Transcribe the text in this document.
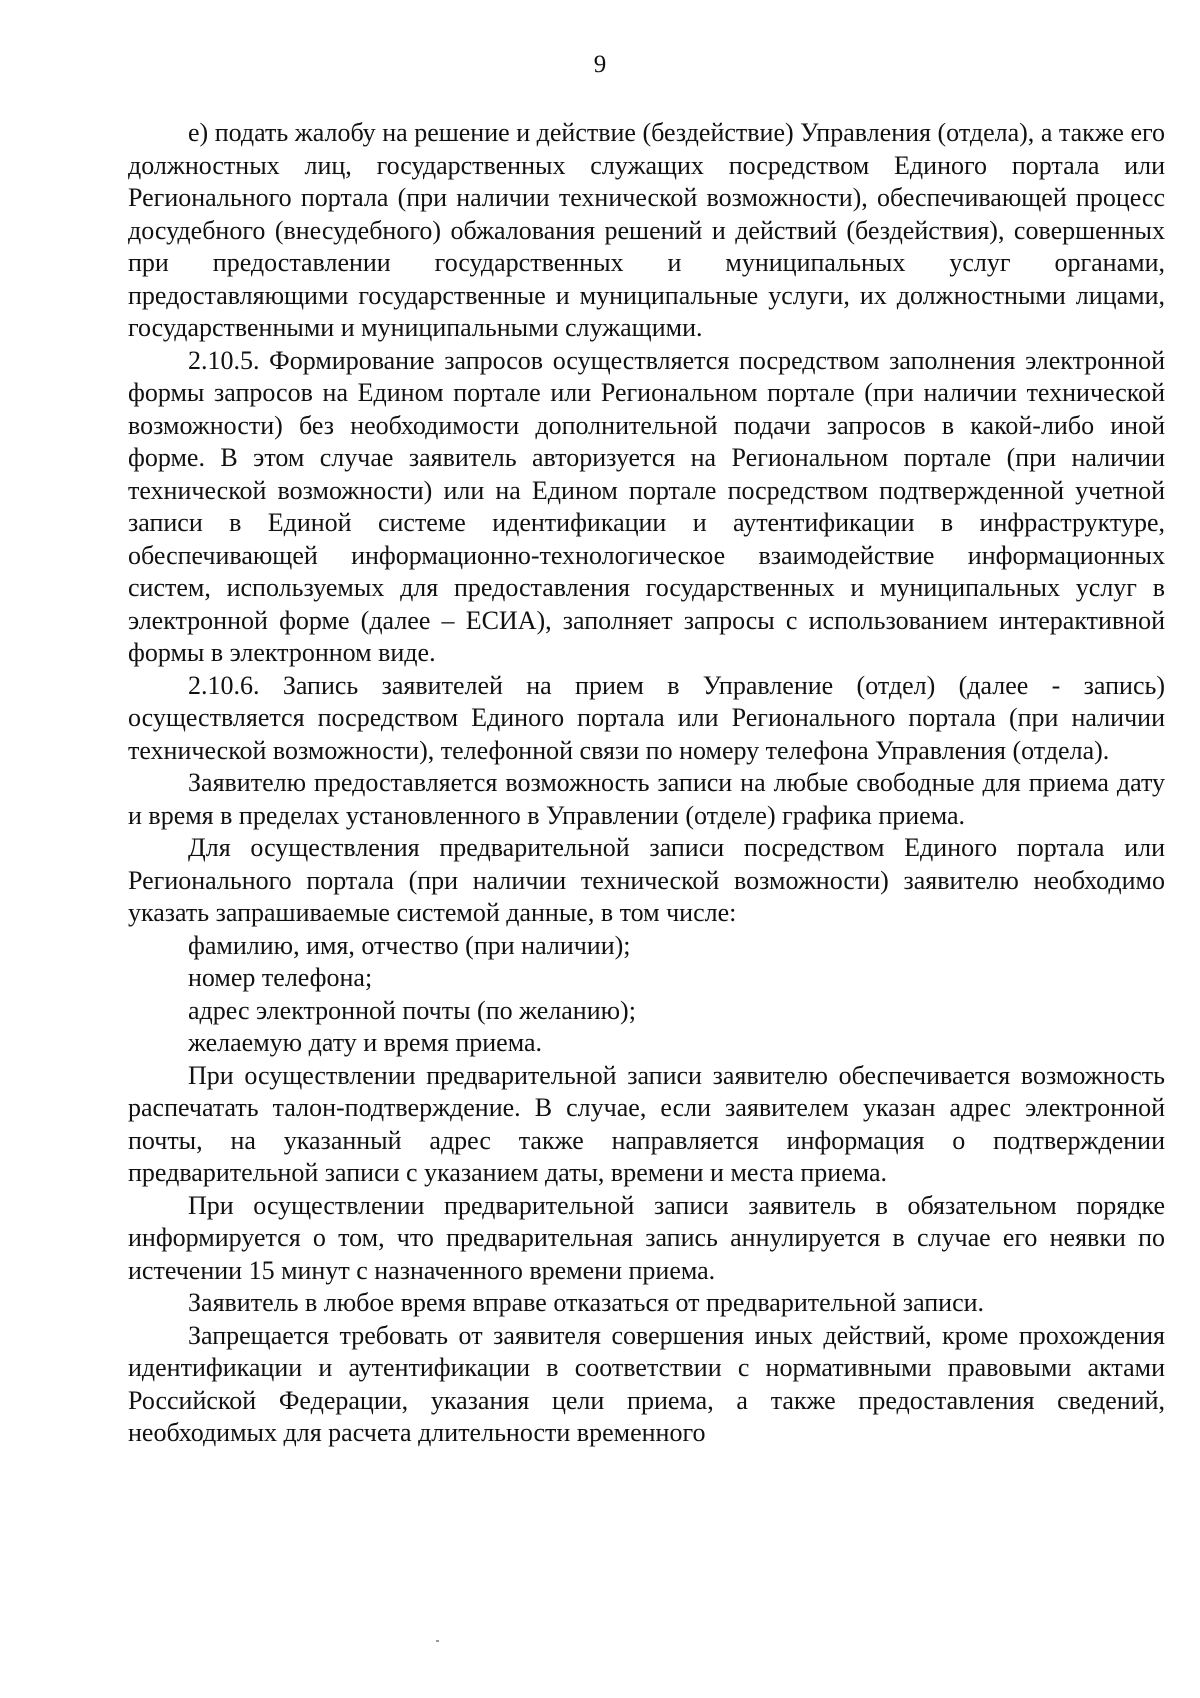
9

е) подать жалобу на решение и действие (бездействие) Управления (отдела), а также его должностных лиц, государственных служащих посредством Единого портала или Регионального портала (при наличии технической возможности), обеспечивающей процесс досудебного (внесудебного) обжалования решений и действий (бездействия), совершенных при предоставлении государственных и муниципальных услуг органами, предоставляющими государственные и муниципальные услуги, их должностными лицами, государственными и муниципальными служащими.

2.10.5. Формирование запросов осуществляется посредством заполнения электронной формы запросов на Едином портале или Региональном портале (при наличии технической возможности) без необходимости дополнительной подачи запросов в какой-либо иной форме. В этом случае заявитель авторизуется на Региональном портале (при наличии технической возможности) или на Едином портале посредством подтвержденной учетной записи в Единой системе идентификации и аутентификации в инфраструктуре, обеспечивающей информационно-технологическое взаимодействие информационных систем, используемых для предоставления государственных и муниципальных услуг в электронной форме (далее – ЕСИА), заполняет запросы с использованием интерактивной формы в электронном виде.

2.10.6. Запись заявителей на прием в Управление (отдел) (далее - запись) осуществляется посредством Единого портала или Регионального портала (при наличии технической возможности), телефонной связи по номеру телефона Управления (отдела).

Заявителю предоставляется возможность записи на любые свободные для приема дату и время в пределах установленного в Управлении (отделе) графика приема.

Для осуществления предварительной записи посредством Единого портала или Регионального портала (при наличии технической возможности) заявителю необходимо указать запрашиваемые системой данные, в том числе:

фамилию, имя, отчество (при наличии);

номер телефона;

адрес электронной почты (по желанию);

желаемую дату и время приема.

При осуществлении предварительной записи заявителю обеспечивается возможность распечатать талон-подтверждение. В случае, если заявителем указан адрес электронной почты, на указанный адрес также направляется информация о подтверждении предварительной записи с указанием даты, времени и места приема.

При осуществлении предварительной записи заявитель в обязательном порядке информируется о том, что предварительная запись аннулируется в случае его неявки по истечении 15 минут с назначенного времени приема.

Заявитель в любое время вправе отказаться от предварительной записи.

Запрещается требовать от заявителя совершения иных действий, кроме прохождения идентификации и аутентификации в соответствии с нормативными правовыми актами Российской Федерации, указания цели приема, а также предоставления сведений, необходимых для расчета длительности временного
